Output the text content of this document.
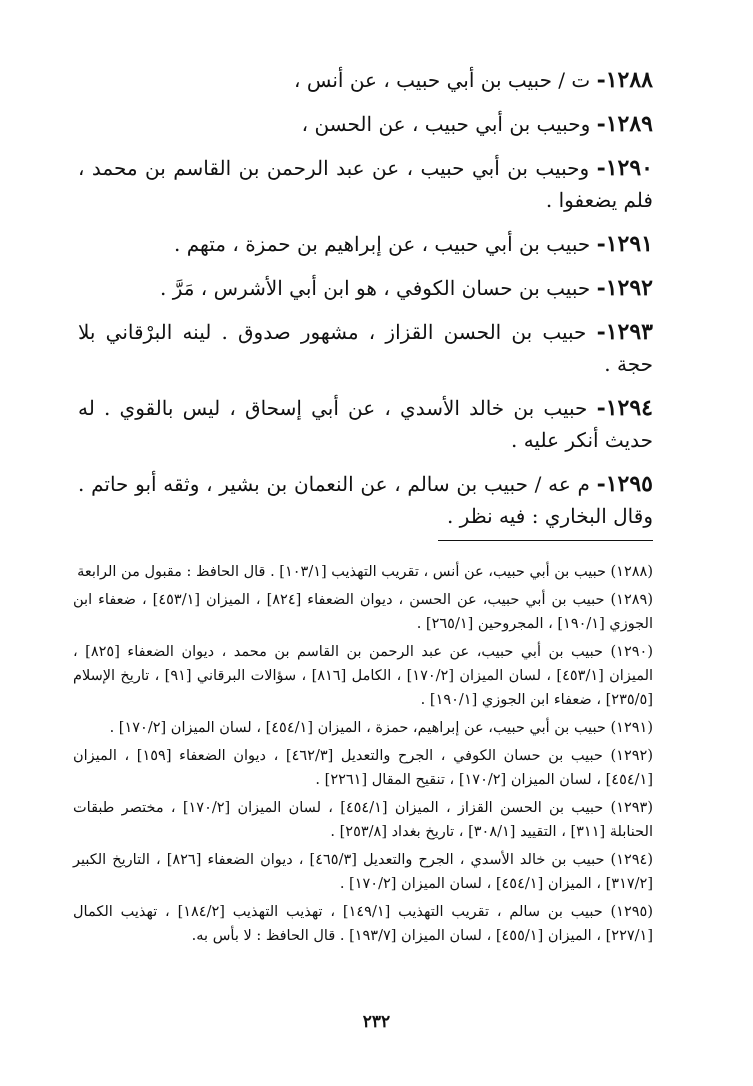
١٢٨٨- ت / حبيب بن أبي حبيب ، عن أنس ،
١٢٨٩- وحبيب بن أبي حبيب ، عن الحسن ،
١٢٩٠- وحبيب بن أبي حبيب ، عن عبد الرحمن بن القاسم بن محمد ، فلم يضعفوا .
١٢٩١- حبيب بن أبي حبيب ، عن إبراهيم بن حمزة ، متهم .
١٢٩٢- حبيب بن حسان الكوفي ، هو ابن أبي الأشرس ، مَرَّ .
١٢٩٣- حبيب بن الحسن القزاز ، مشهور صدوق . لينه البرْقاني بلا حجة .
١٢٩٤- حبيب بن خالد الأسدي ، عن أبي إسحاق ، ليس بالقوي . له حديث أنكر عليه .
١٢٩٥- م عه / حبيب بن سالم ، عن النعمان بن بشير ، وثقه أبو حاتم . وقال البخاري : فيه نظر .
(١٢٨٨) حبيب بن أبي حبيب، عن أنس ، تقريب التهذيب [١٠٣/١] . قال الحافظ : مقبول من الرابعة
(١٢٨٩) حبيب بن أبي حبيب، عن الحسن ، ديوان الضعفاء [٨٢٤] ، الميزان [٤٥٣/١] ، ضعفاء ابن الجوزي [١٩٠/١] ، المجروحين [٢٦٥/١] .
(١٢٩٠) حبيب بن أبي حبيب، عن عبد الرحمن بن القاسم بن محمد ، ديوان الضعفاء [٨٢٥] ، الميزان [٤٥٣/١] ، لسان الميزان [١٧٠/٢] ، الكامل [٨١٦] ، سؤالات البرقاني [٩١] ، تاريخ الإسلام [٢٣٥/٥] ، ضعفاء ابن الجوزي [١٩٠/١] .
(١٢٩١) حبيب بن أبي حبيب، عن إبراهيم، حمزة ، الميزان [٤٥٤/١] ، لسان الميزان [١٧٠/٢] .
(١٢٩٢) حبيب بن حسان الكوفي ، الجرح والتعديل [٤٦٢/٣] ، ديوان الضعفاء [١٥٩] ، الميزان [٤٥٤/١] ، لسان الميزان [١٧٠/٢] ، تنقيح المقال [٢٢٦١] .
(١٢٩٣) حبيب بن الحسن القزاز ، الميزان [٤٥٤/١] ، لسان الميزان [١٧٠/٢] ، مختصر طبقات الحنابلة [٣١١] ، التقييد [٣٠٨/١] ، تاريخ بغداد [٢٥٣/٨] .
(١٢٩٤) حبيب بن خالد الأسدي ، الجرح والتعديل [٤٦٥/٣] ، ديوان الضعفاء [٨٢٦] ، التاريخ الكبير [٣١٧/٢] ، الميزان [٤٥٤/١] ، لسان الميزان [١٧٠/٢] .
(١٢٩٥) حبيب بن سالم ، تقريب التهذيب [١٤٩/١] ، تهذيب التهذيب [١٨٤/٢] ، تهذيب الكمال [٢٢٧/١] ، الميزان [٤٥٥/١] ، لسان الميزان [١٩٣/٧] . قال الحافظ : لا بأس به.
٢٣٢
